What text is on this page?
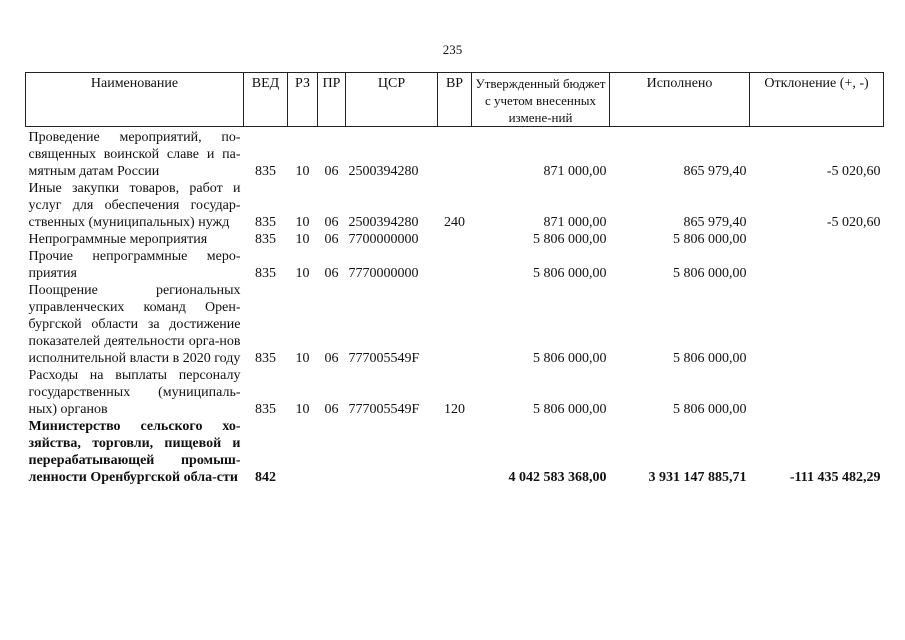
235
Наименование	ВЕД	РЗ	ПР	ЦСР	ВР	Утвержденный бюджет с учетом внесенных измене-ний	Исполнено	Отклонение (+, -)
Проведение мероприятий, по-священных воинской славе и па-мятным датам России	835	10	06	2500394280		871 000,00	865 979,40	-5 020,60
Иные закупки товаров, работ и услуг для обеспечения государ-ственных (муниципальных) нужд	835	10	06	2500394280	240	871 000,00	865 979,40	-5 020,60
Непрограммные мероприятия	835	10	06	7700000000		5 806 000,00	5 806 000,00	
Прочие непрограммные меро-приятия	835	10	06	7770000000		5 806 000,00	5 806 000,00	
Поощрение региональных управленческих команд Орен-бургской области за достижение показателей деятельности орга-нов исполнительной власти в 2020 году	835	10	06	777005549F		5 806 000,00	5 806 000,00	
Расходы на выплаты персоналу государственных (муниципаль-ных) органов	835	10	06	777005549F	120	5 806 000,00	5 806 000,00	
Министерство сельского хо-зяйства, торговли, пищевой и перерабатывающей промыш-ленности Оренбургской обла-сти	842					4 042 583 368,00	3 931 147 885,71	-111 435 482,29
